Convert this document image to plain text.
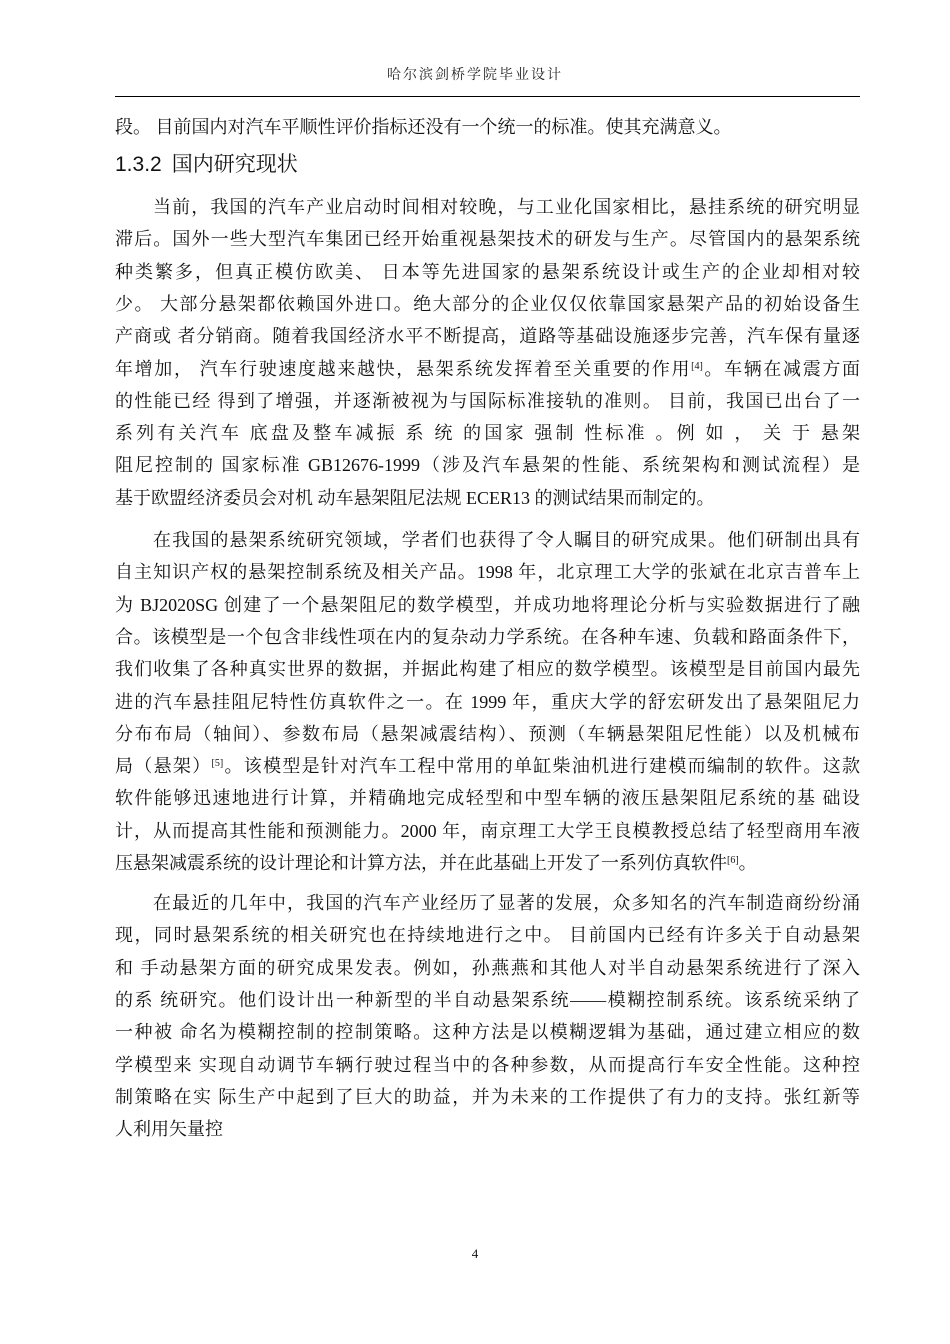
哈尔滨剑桥学院毕业设计
1.3.2 国内研究现状
段。 目前国内对汽车平顺性评价指标还没有一个统一的标准。使其充满意义。
当前，我国的汽车产业启动时间相对较晚，与工业化国家相比，悬挂系统的研究明显
滞后。国外一些大型汽车集团已经开始重视悬架技术的研发与生产。尽管国内的悬架系统
种类繁多，但真正模仿欧美、 日本等先进国家的悬架系统设计或生产的企业却相对较
少。 大部分悬架都依赖国外进口。绝大部分的企业仅仅依靠国家悬架产品的初始设备生
产商或 者分销商。随着我国经济水平不断提高，道路等基础设施逐步完善，汽车保有量逐
年增加， 汽车行驶速度越来越快，悬架系统发挥着至关重要的作用[4]。车辆在减震方面
的性能已经 得到了增强，并逐渐被视为与国际标准接轨的准则。 目前，我国已出台了一
系列有关汽车 底盘及整车减振 系 统 的国家 强制 性标准 。例 如 ， 关 于 悬架
阻尼控制的 国家标准 GB12676-1999（涉及汽车悬架的性能、系统架构和测试流程）是
基于欧盟经济委员会对机 动车悬架阻尼法规 ECER13 的测试结果而制定的。
在我国的悬架系统研究领域，学者们也获得了令人瞩目的研究成果。他们研制出具有
自主知识产权的悬架控制系统及相关产品。1998 年，北京理工大学的张斌在北京吉普车上
为 BJ2020SG 创建了一个悬架阻尼的数学模型，并成功地将理论分析与实验数据进行了融
合。该模型是一个包含非线性项在内的复杂动力学系统。在各种车速、负载和路面条件下，
我们收集了各种真实世界的数据，并据此构建了相应的数学模型。该模型是目前国内最先
进的汽车悬挂阻尼特性仿真软件之一。在 1999 年，重庆大学的舒宏研发出了悬架阻尼力
分布布局（轴间）、参数布局（悬架减震结构）、预测（车辆悬架阻尼性能）以及机械布
局（悬架）[5]。该模型是针对汽车工程中常用的单缸柴油机进行建模而编制的软件。这款
软件能够迅速地进行计算，并精确地完成轻型和中型车辆的液压悬架阻尼系统的基 础设
计，从而提高其性能和预测能力。2000 年，南京理工大学王良模教授总结了轻型商用车液
压悬架减震系统的设计理论和计算方法，并在此基础上开发了一系列仿真软件[6]。
在最近的几年中，我国的汽车产业经历了显著的发展，众多知名的汽车制造商纷纷涌
现，同时悬架系统的相关研究也在持续地进行之中。 目前国内已经有许多关于自动悬架
和 手动悬架方面的研究成果发表。例如，孙燕燕和其他人对半自动悬架系统进行了深入
的系 统研究。他们设计出一种新型的半自动悬架系统——模糊控制系统。该系统采纳了
一种被 命名为模糊控制的控制策略。这种方法是以模糊逻辑为基础，通过建立相应的数
学模型来 实现自动调节车辆行驶过程当中的各种参数，从而提高行车安全性能。这种控
制策略在实 际生产中起到了巨大的助益，并为未来的工作提供了有力的支持。张红新等
人利用矢量控
4
